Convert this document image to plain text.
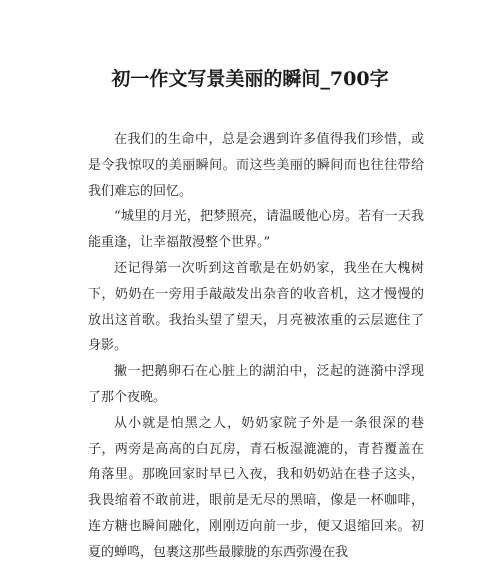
初一作文写景美丽的瞬间_700字

在我们的生命中，总是会遇到许多值得我们珍惜，或是令我惊叹的美丽瞬间。而这些美丽的瞬间而也往往带给我们难忘的回忆。

“城里的月光，把梦照亮，请温暖他心房。若有一天我能重逢，让幸福散漫整个世界。”

还记得第一次听到这首歌是在奶奶家，我坐在大槐树下，奶奶在一旁用手敲敲发出杂音的收音机，这才慢慢的放出这首歌。我抬头望了望天，月亮被浓重的云层遮住了身影。

撇一把鹅卵石在心脏上的湖泊中，泛起的涟漪中浮现了那个夜晚。

从小就是怕黑之人，奶奶家院子外是一条很深的巷子，两旁是高高的白瓦房，青石板湿漉漉的，青苔覆盖在角落里。那晚回家时早已入夜，我和奶奶站在巷子这头，我畏缩着不敢前进，眼前是无尽的黑暗，像是一杯咖啡，连方糖也瞬间融化，刚刚迈向前一步，便又退缩回来。初夏的蝉鸣，包裹这那些最朦胧的东西弥漫在我
